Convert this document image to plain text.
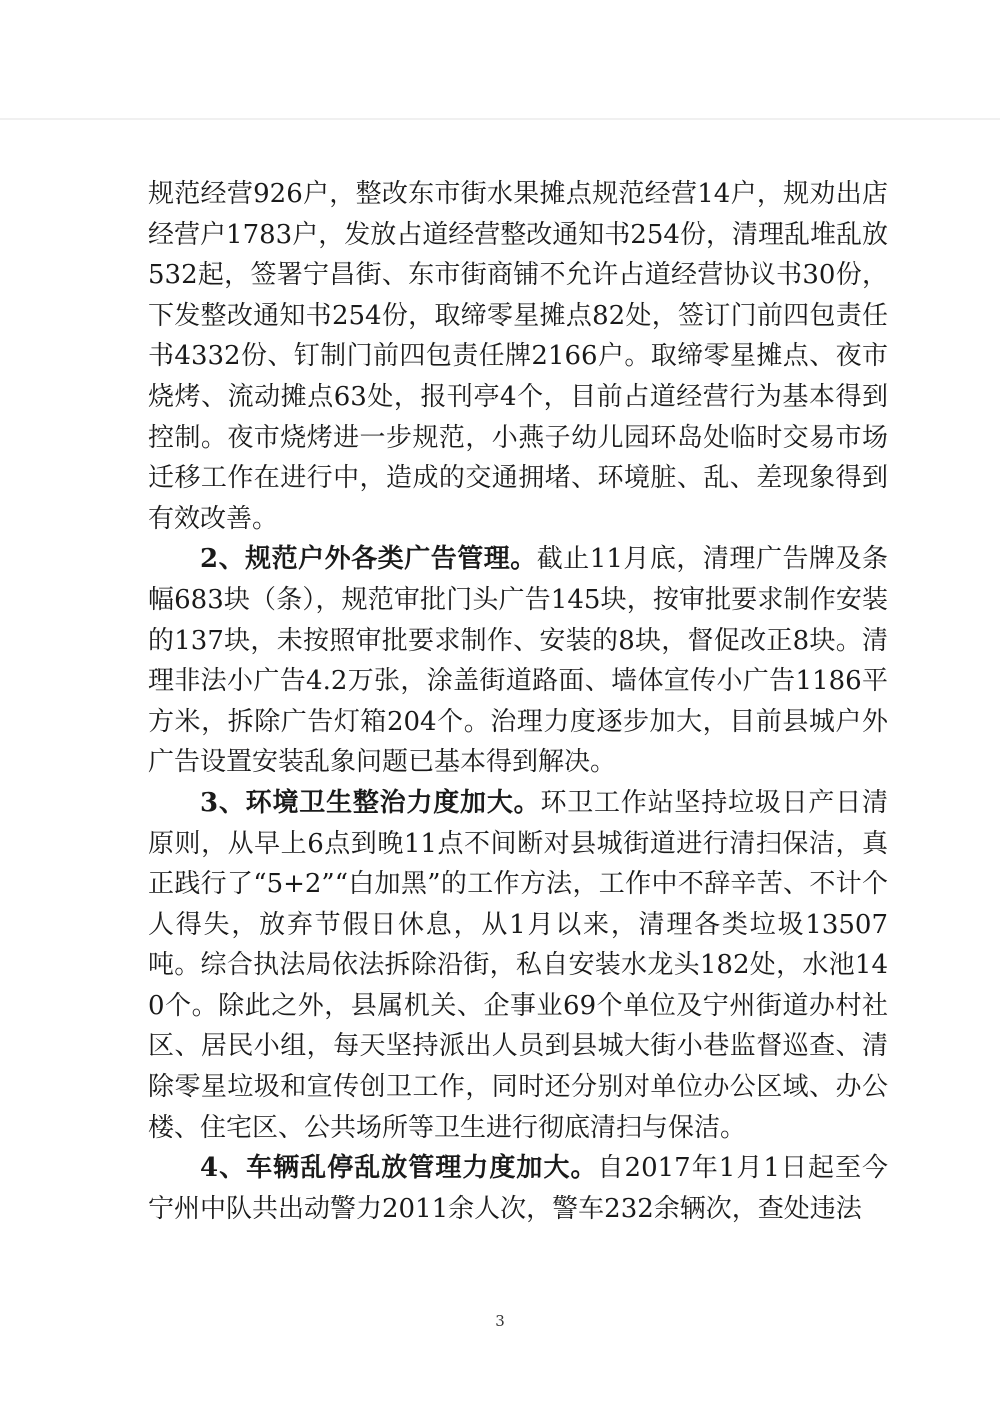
规范经营926户，整改东市街水果摊点规范经营14户，规劝出店经营户1783户，发放占道经营整改通知书254份，清理乱堆乱放532起，签署宁昌街、东市街商铺不允许占道经营协议书30份，下发整改通知书254份，取缔零星摊点82处，签订门前四包责任书4332份、钉制门前四包责任牌2166户。取缔零星摊点、夜市烧烤、流动摊点63处，报刊亭4个，目前占道经营行为基本得到控制。夜市烧烤进一步规范，小燕子幼儿园环岛处临时交易市场迁移工作在进行中，造成的交通拥堵、环境脏、乱、差现象得到有效改善。

2、规范户外各类广告管理。截止11月底，清理广告牌及条幅683块（条），规范审批门头广告145块，按审批要求制作安装的137块，未按照审批要求制作、安装的8块，督促改正8块。清理非法小广告4.2万张，涂盖街道路面、墙体宣传小广告1186平方米，拆除广告灯箱204个。治理力度逐步加大，目前县城户外广告设置安装乱象问题已基本得到解决。

3、环境卫生整治力度加大。环卫工作站坚持垃圾日产日清原则，从早上6点到晚11点不间断对县城街道进行清扫保洁，真正践行了“5+2”“白加黑”的工作方法，工作中不辞辛苦、不计个人得失，放弃节假日休息，从1月以来，清理各类垃圾13507吨。综合执法局依法拆除沿街，私自安装水龙头182处，水池140个。除此之外，县属机关、企事业69个单位及宁州街道办村社区、居民小组，每天坚持派出人员到县城大街小巷监督巡查、清除零星垃圾和宣传创卫工作，同时还分别对单位办公区域、办公楼、住宅区、公共场所等卫生进行彻底清扫与保洁。

4、车辆乱停乱放管理力度加大。自2017年1月1日起至今宁州中队共出动警力2011余人次，警车232余辆次，查处违法

3
